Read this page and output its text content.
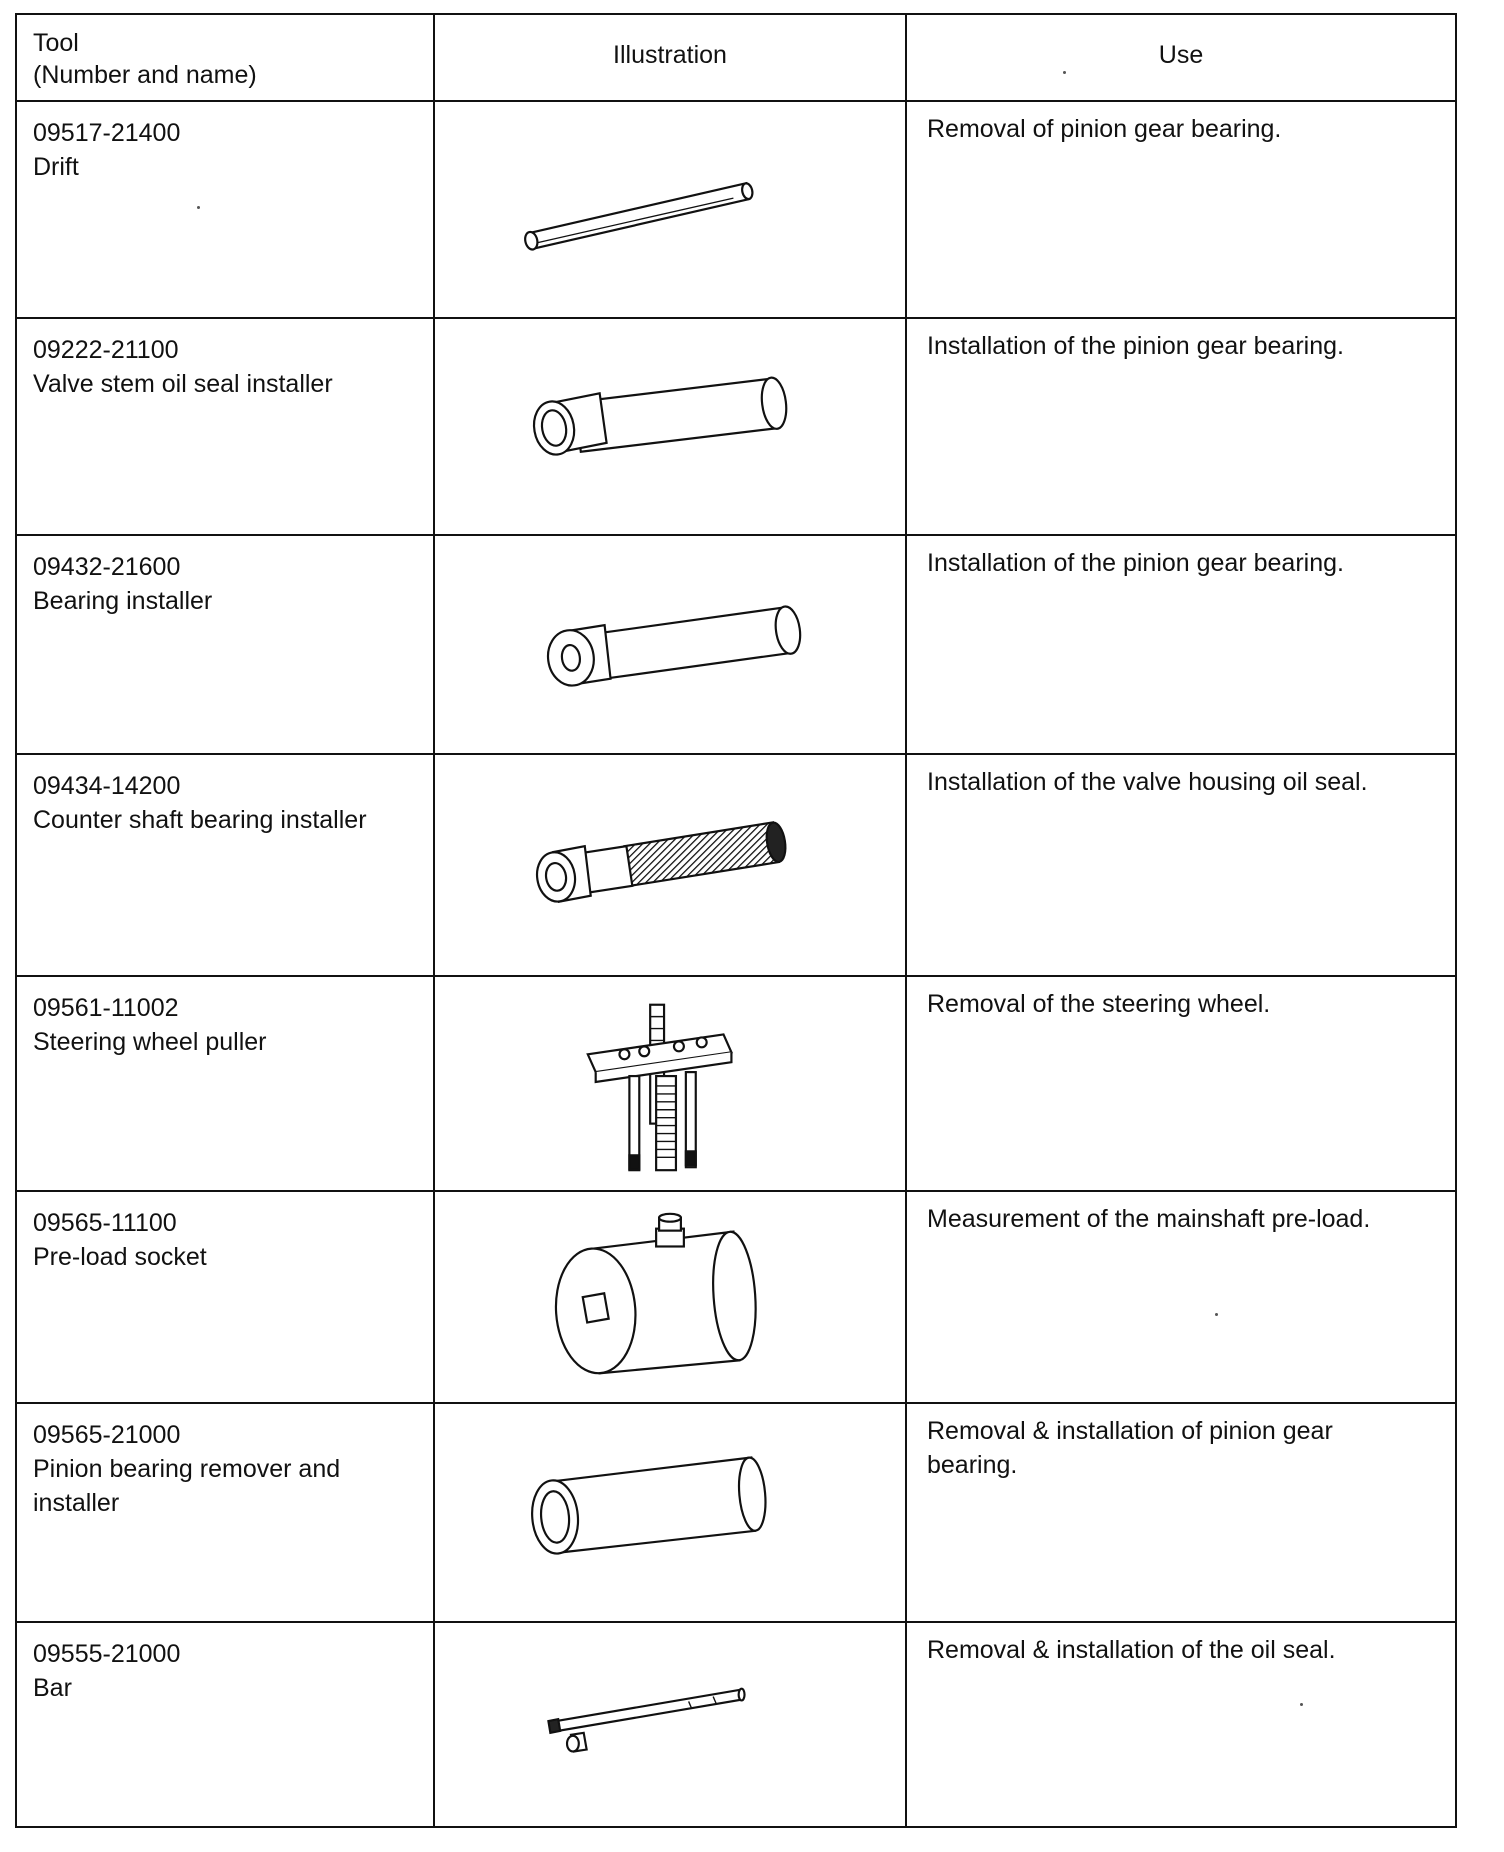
Tool
(Number and name)	Illustration	Use

09517-21400
Drift		Removal of pinion gear bearing.

09222-21100
Valve stem oil seal installer		Installation of the pinion gear bearing.

09432-21600
Bearing installer		Installation of the pinion gear bearing.

09434-14200
Counter shaft bearing installer		Installation of the valve housing oil seal.

09561-11002
Steering wheel puller		Removal of the steering wheel.

09565-11100
Pre-load socket		Measurement of the mainshaft pre-load.

09565-21000
Pinion bearing remover and
installer		Removal & installation of pinion gear
bearing.

09555-21000
Bar		Removal & installation of the oil seal.
